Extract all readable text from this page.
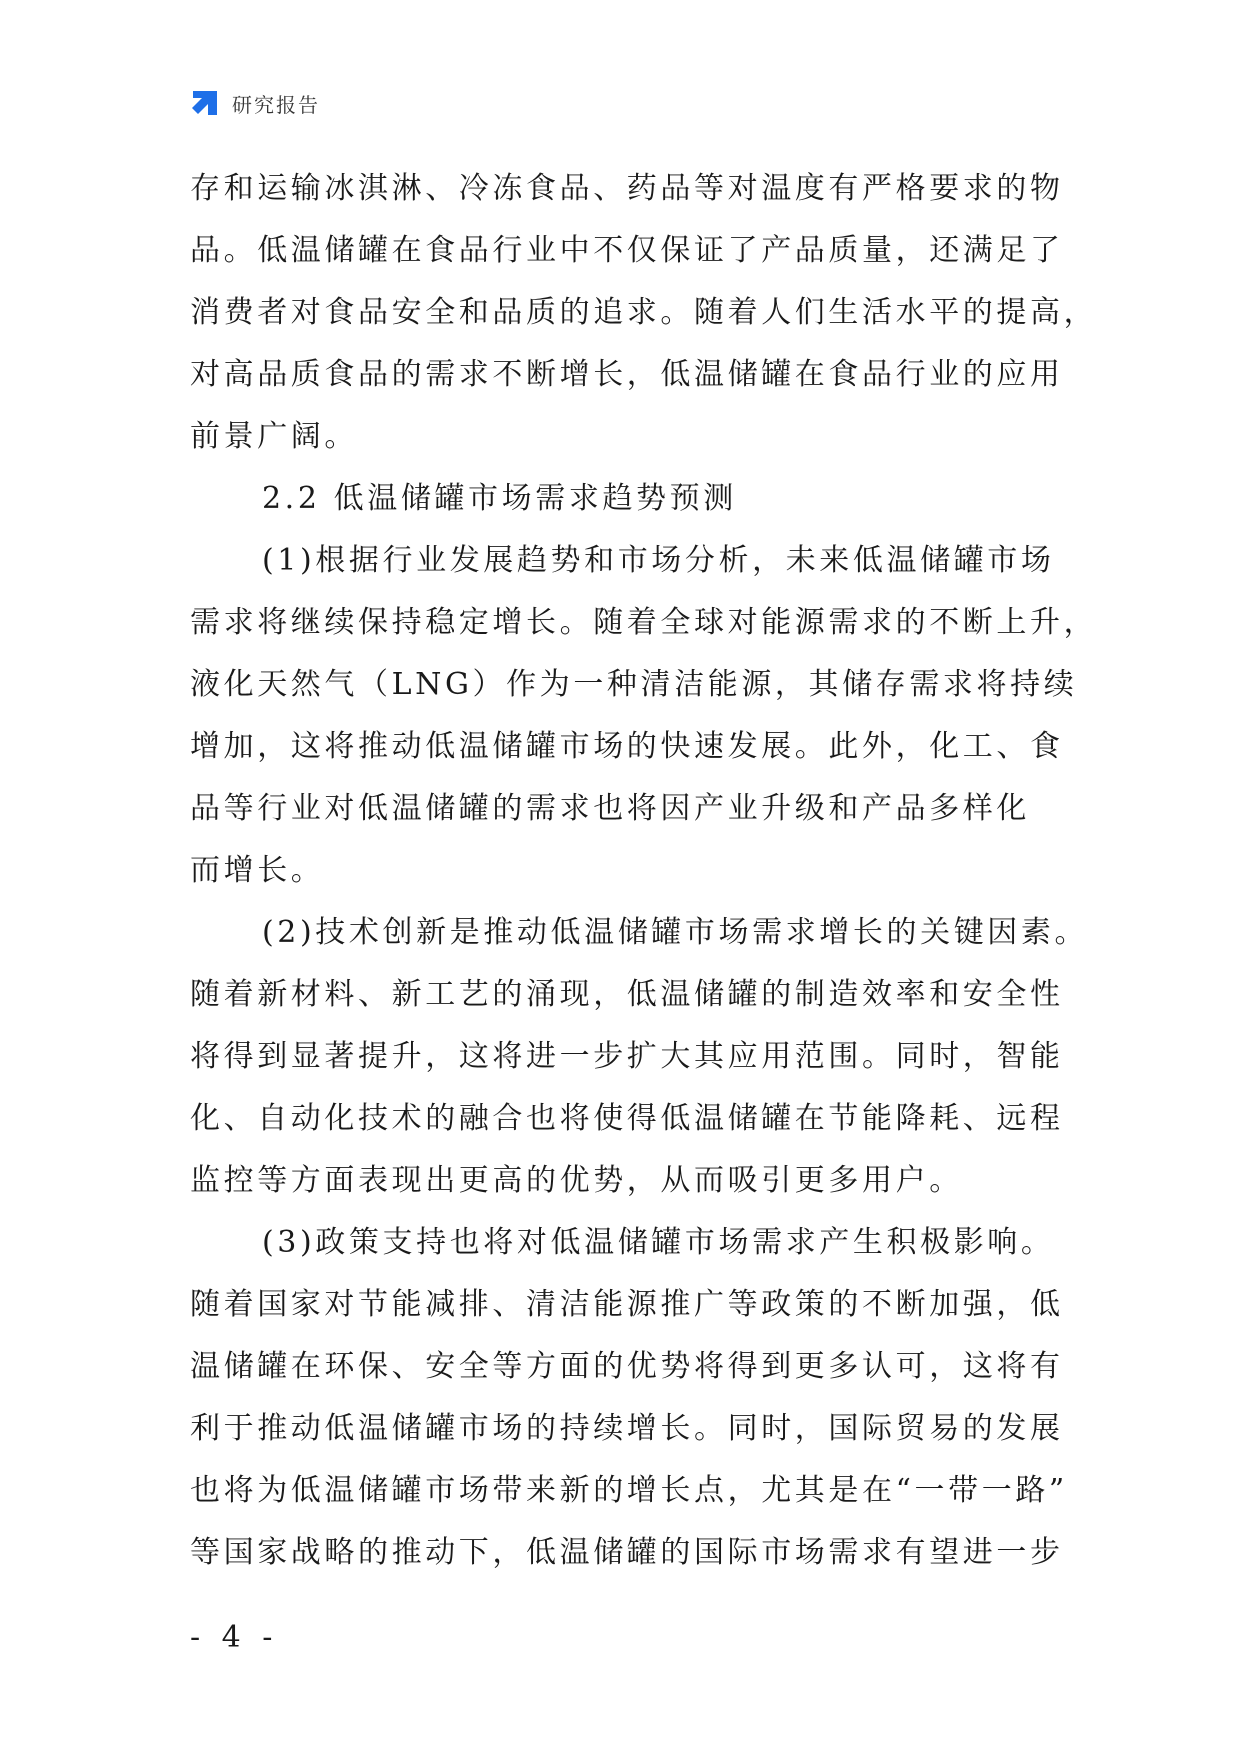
研究报告
存和运输冰淇淋、冷冻食品、药品等对温度有严格要求的物
品。低温储罐在食品行业中不仅保证了产品质量，还满足了
消费者对食品安全和品质的追求。随着人们生活水平的提高，
对高品质食品的需求不断增长，低温储罐在食品行业的应用
前景广阔。
2.2 低温储罐市场需求趋势预测
(1)根据行业发展趋势和市场分析，未来低温储罐市场
需求将继续保持稳定增长。随着全球对能源需求的不断上升，
液化天然气（LNG）作为一种清洁能源，其储存需求将持续
增加，这将推动低温储罐市场的快速发展。此外，化工、食
品等行业对低温储罐的需求也将因产业升级和产品多样化
而增长。
(2)技术创新是推动低温储罐市场需求增长的关键因素。
随着新材料、新工艺的涌现，低温储罐的制造效率和安全性
将得到显著提升，这将进一步扩大其应用范围。同时，智能
化、自动化技术的融合也将使得低温储罐在节能降耗、远程
监控等方面表现出更高的优势，从而吸引更多用户。
(3)政策支持也将对低温储罐市场需求产生积极影响。
随着国家对节能减排、清洁能源推广等政策的不断加强，低
温储罐在环保、安全等方面的优势将得到更多认可，这将有
利于推动低温储罐市场的持续增长。同时，国际贸易的发展
也将为低温储罐市场带来新的增长点，尤其是在“一带一路”
等国家战略的推动下，低温储罐的国际市场需求有望进一步
- 4 -
